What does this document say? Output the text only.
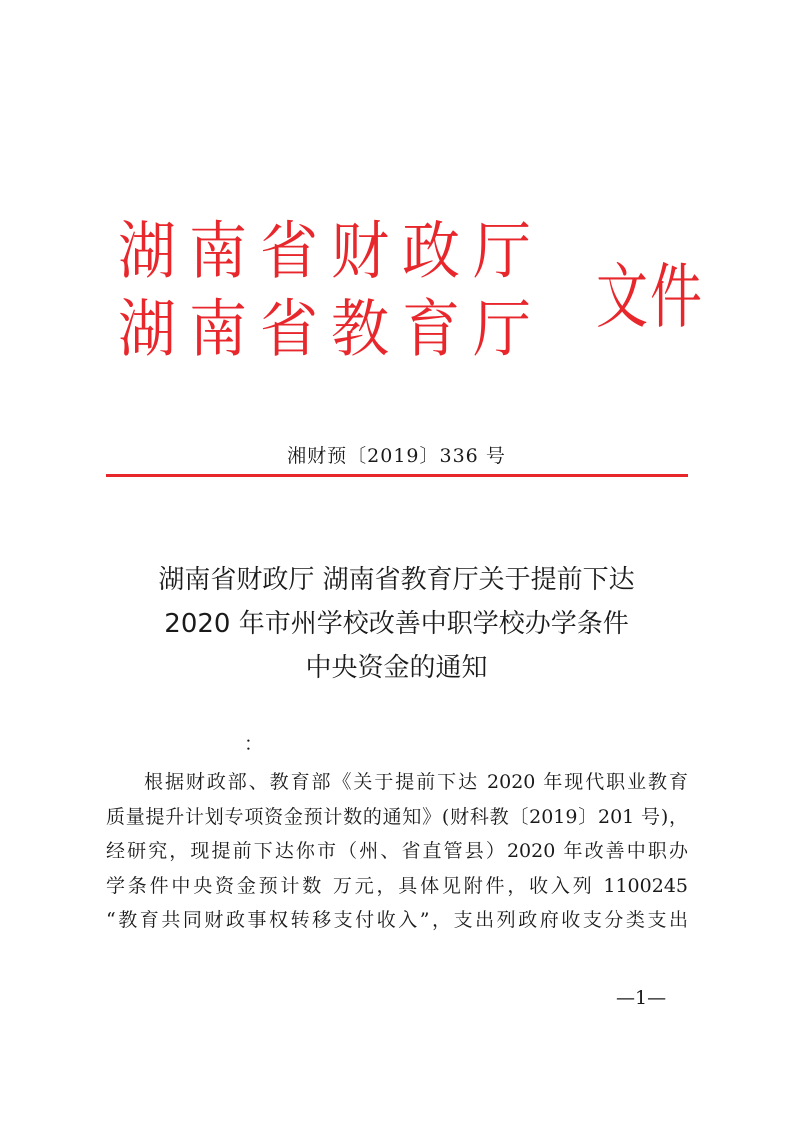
湖南省财政厅
湖南省教育厅 文件
湘财预〔2019〕336 号
湖南省财政厅 湖南省教育厅关于提前下达
2020 年市州学校改善中职学校办学条件
中央资金的通知
：
根据财政部、教育部《关于提前下达 2020 年现代职业教育
质量提升计划专项资金预计数的通知》(财科教〔2019〕201 号)，
经研究，现提前下达你市（州、省直管县）2020 年改善中职办
学条件中央资金预计数 万元，具体见附件，收入列 1100245
“教育共同财政事权转移支付收入”，支出列政府收支分类支出
—1—
